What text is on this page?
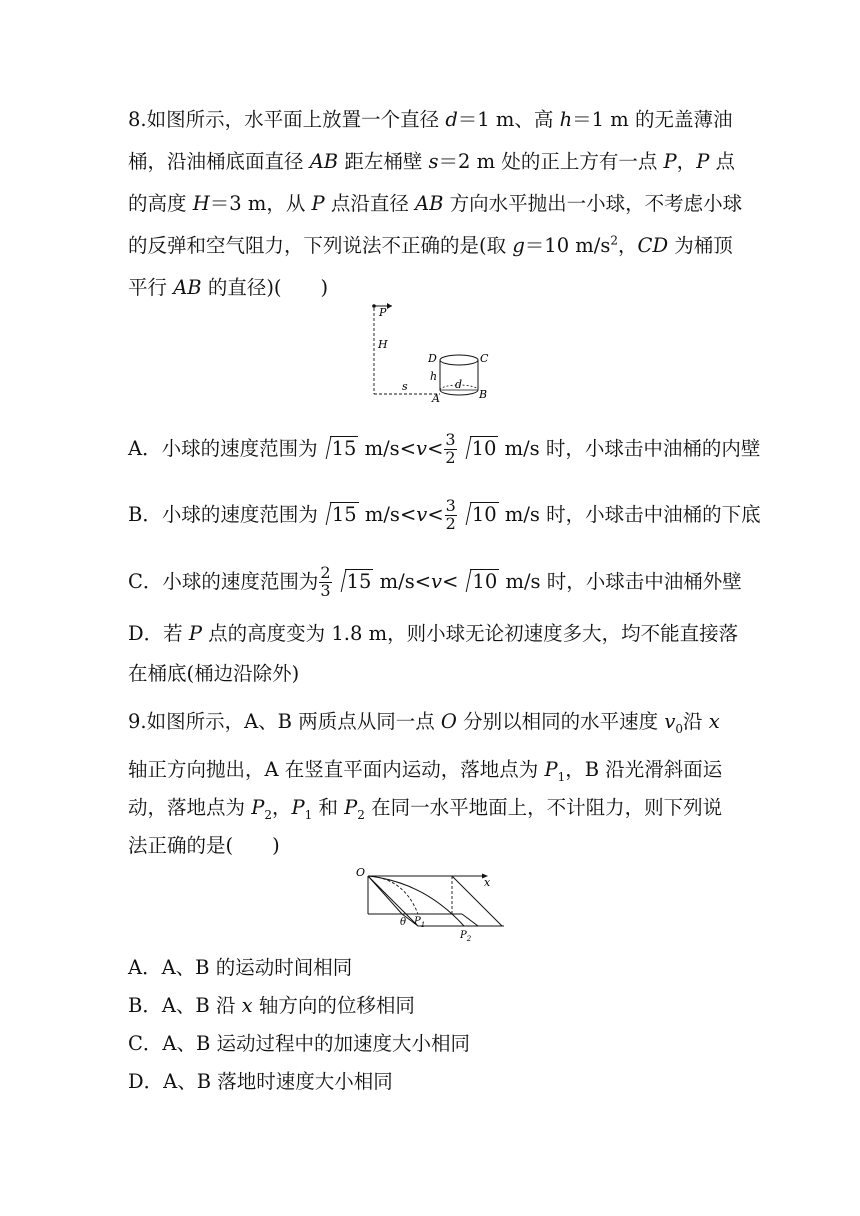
8.如图所示，水平面上放置一个直径 d＝1 m、高 h＝1 m 的无盖薄油
桶，沿油桶底面直径 AB 距左桶壁 s＝2 m 处的正上方有一点 P，P 点
的高度 H＝3 m，从 P 点沿直径 AB 方向水平抛出一小球，不考虑小球
的反弹和空气阻力，下列说法不正确的是(取 g＝10 $m/s^2$，CD 为桶顶
平行 AB 的直径)(　　)
P
H
D	C
h
s	d
A	B
A．小球的速度范围为 15 $m/s<v< \frac{3}{2} 10$ m/s 时，小球击中油桶的内壁
B．小球的速度范围为 15 $m/s<v< \frac{3}{2} 10$ m/s 时，小球击中油桶的下底
C．小球的速度范围为 $\frac{2}{3} 15$ m/s<v< 10 m/s 时，小球击中油桶外壁
D．若 P 点的高度变为 1.8 m，则小球无论初速度多大，均不能直接落
在桶底(桶边沿除外)
9.如图所示，A、B 两质点从同一点 O 分别以相同的水平速度 $v_0$沿 x
轴正方向抛出，A 在竖直平面内运动，落地点为 $P_1$，B 沿光滑斜面运
动，落地点为 $P_2$，$P_1$ 和 $P_2$ 在同一水平地面上，不计阻力，则下列说
法正确的是(　　)
O
x
θ $P_1$
$P_2$
A．A、B 的运动时间相同
B．A、B 沿 x 轴方向的位移相同
C．A、B 运动过程中的加速度大小相同
D．A、B 落地时速度大小相同
